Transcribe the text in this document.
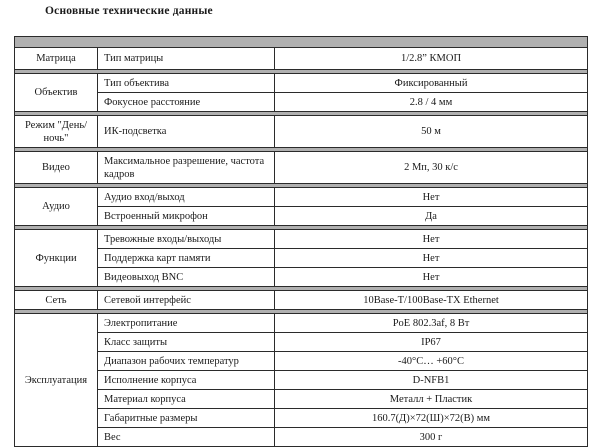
Основные технические данные

Матрица	Тип матрицы	1/2.8” КМОП

Объектив	Тип объектива	Фиксированный
	Фокусное расстояние	2.8 / 4 мм

Режим "День/ночь"	ИК-подсветка	50 м

Видео	Максимальное разрешение, частота кадров	2 Мп, 30 к/с

Аудио	Аудио вход/выход	Нет
	Встроенный микрофон	Да

Функции	Тревожные входы/выходы	Нет
	Поддержка карт памяти	Нет
	Видеовыход BNC	Нет

Сеть	Сетевой интерфейс	10Base-T/100Base-TX Ethernet

Эксплуатация	Электропитание	PoE 802.3af, 8 Вт
	Класс защиты	IP67
	Диапазон рабочих температур	-40°C… +60°C
	Исполнение корпуса	D-NFB1
	Материал корпуса	Металл + Пластик
	Габаритные размеры	160.7(Д)×72(Ш)×72(В) мм
	Вес	300 г
